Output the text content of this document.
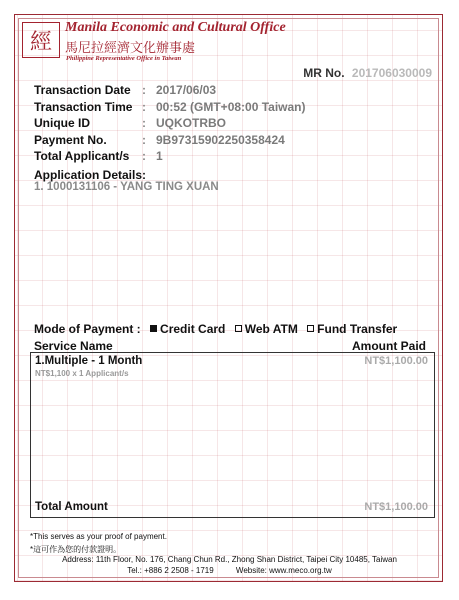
經
Manila Economic and Cultural Office
馬尼拉經濟文化辦事處
Philippine Representative Office in Taiwan
MR No. 201706030009
Transaction Date : 2017/06/03
Transaction Time : 00:52 (GMT+08:00 Taiwan)
Unique ID	: UQKOTRBO
Payment No.	: 9B97315902250358424
Total Applicant/s	: 1
Application Details:
1. 1000131106 - YANG TING XUAN
Mode of Payment : Credit Card Web ATM Fund Transfer
Service Name	Amount Paid
1.Multiple - 1 Month	NT$1,100.00
NT$1,100 x 1 Applicant/s
Total Amount	NT$1,100.00
*This serves as your proof of payment.
*這可作為您的付款證明。
Address: 11th Floor, No. 176, Chang Chun Rd., Zhong Shan District, Taipei City 10485, Taiwan
Tel.: +886 2 2508 - 1719          Website: www.meco.org.tw
